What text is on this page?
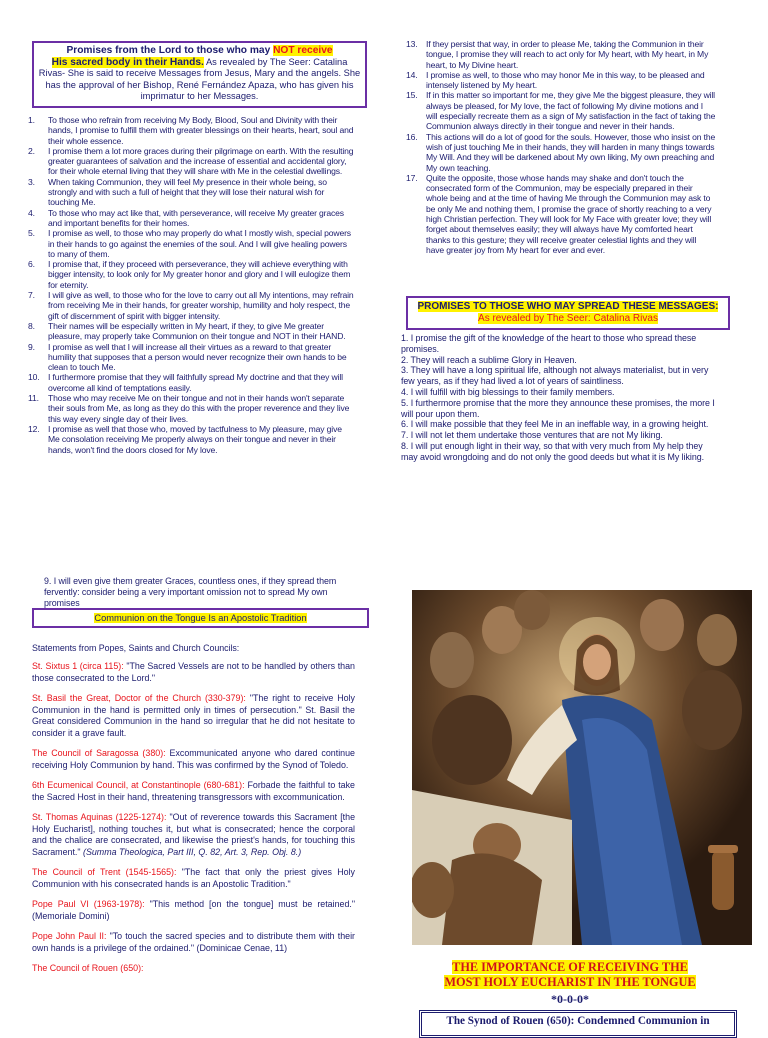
Promises from the Lord to those who may NOT receive
His sacred body in their Hands. As revealed by The Seer: Catalina Rivas- She is said to receive Messages from Jesus, Mary and the angels. She has the approval of her Bishop, René Fernández Apaza, who has given his imprimatur to her Messages.
1. To those who refrain from receiving My Body, Blood, Soul and Divinity with their hands, I promise to fulfill them with greater blessings on their hearts, heart, soul and their whole essence.
2. I promise them a lot more graces during their pilgrimage on earth. With the resulting greater guarantees of salvation and the increase of essential and accidental glory, for their whole eternal living that they will share with Me in the celestial dwellings.
3. When taking Communion, they will feel My presence in their whole being, so strongly and with such a full of height that they will lose their natural wish for touching Me.
4. To those who may act like that, with perseverance, will receive My greater graces and important benefits for their homes.
5. I promise as well, to those who may properly do what I mostly wish, special powers in their hands to go against the enemies of the soul. And I will give healing powers to many of them.
6. I promise that, if they proceed with perseverance, they will achieve everything with bigger intensity, to look only for My greater honor and glory and I will eulogize them for eternity.
7. I will give as well, to those who for the love to carry out all My intentions, may refrain from receiving Me in their hands, for greater worship, humility and holy respect, the gift of discernment of spirit with bigger intensity.
8. Their names will be especially written in My heart, if they, to give Me greater pleasure, may properly take Communion on their tongue and NOT in their HAND.
9. I promise as well that I will increase all their virtues as a reward to that greater humility that supposes that a person would never recognize their own hands to be clean to touch Me.
10. I furthermore promise that they will faithfully spread My doctrine and that they will overcome all kind of temptations easily.
11. Those who may receive Me on their tongue and not in their hands won't separate their souls from Me, as long as they do this with the proper reverence and they live this way every single day of their lives.
12. I promise as well that those who, moved by tactfulness to My pleasure, may give Me consolation receiving Me properly always on their tongue and never in their hands, won't find the doors closed for My love.
13. If they persist that way, in order to please Me, taking the Communion in their tongue, I promise they will reach to act only for My heart, with My heart, in My heart, to My Divine heart.
14. I promise as well, to those who may honor Me in this way, to be pleased and intensely listened by My heart.
15. If in this matter so important for me, they give Me the biggest pleasure, they will always be pleased, for My love, the fact of following My divine motions and I will especially recreate them as a sign of My satisfaction in the fact of taking the Communion always directly in their tongue and never in their hands.
16. This actions will do a lot of good for the souls. However, those who insist on the wish of just touching Me in their hands, they will harden in many things towards My Will. And they will be darkened about My own liking, My own preaching and My own teaching.
17. Quite the opposite, those whose hands may shake and don't touch the consecrated form of the Communion, may be especially prepared in their whole being and at the time of having Me through the Communion may ask to be only Me and nothing them, I promise the grace of shortly reaching to a very high Christian perfection. They will look for My Face with greater love; they will forget about themselves easily; they will always have My comforted heart thanks to this gesture; they will receive greater celestial lights and they will have greater joy from My heart for ever and ever.
PROMISES TO THOSE WHO MAY SPREAD THESE MESSAGES: As revealed by The Seer: Catalina Rivas
1. I promise the gift of the knowledge of the heart to those who spread these promises.
2. They will reach a sublime Glory in Heaven.
3. They will have a long spiritual life, although not always materialist, but in very few years, as if they had lived a lot of years of saintliness.
4. I will fulfill with big blessings to their family members.
5. I furthermore promise that the more they announce these promises, the more I will pour upon them.
6. I will make possible that they feel Me in an ineffable way, in a growing height.
7. I will not let them undertake those ventures that are not My liking.
8. I will put enough light in their way, so that with very much from My help they may avoid wrongdoing and do not only the good deeds but what it is My liking.
9. I will even give them greater Graces, countless ones, if they spread them fervently: consider being a very important omission not to spread My own promises
Communion on the Tongue Is an Apostolic Tradition
Statements from Popes, Saints and Church Councils:
St. Sixtus 1 (circa 115): "The Sacred Vessels are not to be handled by others than those consecrated to the Lord."
St. Basil the Great, Doctor of the Church (330-379): "The right to receive Holy Communion in the hand is permitted only in times of persecution." St. Basil the Great considered Communion in the hand so irregular that he did not hesitate to consider it a grave fault.
The Council of Saragossa (380): Excommunicated anyone who dared continue receiving Holy Communion by hand. This was confirmed by the Synod of Toledo.
6th Ecumenical Council, at Constantinople (680-681): Forbade the faithful to take the Sacred Host in their hand, threatening transgressors with excommunication.
St. Thomas Aquinas (1225-1274): "Out of reverence towards this Sacrament [the Holy Eucharist], nothing touches it, but what is consecrated; hence the corporal and the chalice are consecrated, and likewise the priest's hands, for touching this Sacrament." (Summa Theologica, Part III, Q. 82, Art. 3, Rep. Obj. 8.)
The Council of Trent (1545-1565): "The fact that only the priest gives Holy Communion with his consecrated hands is an Apostolic Tradition."
Pope Paul VI (1963-1978): "This method [on the tongue] must be retained." (Memoriale Domini)
Pope John Paul II: "To touch the sacred species and to distribute them with their own hands is a privilege of the ordained." (Dominicae Cenae, 11)
The Council of Rouen (650):	THE IMPORTANCE OF RECEIVING THE
MOST HOLY EUCHARIST IN THE TONGUE
*0-0-0*
The Synod of Rouen (650): Condemned Communion in
